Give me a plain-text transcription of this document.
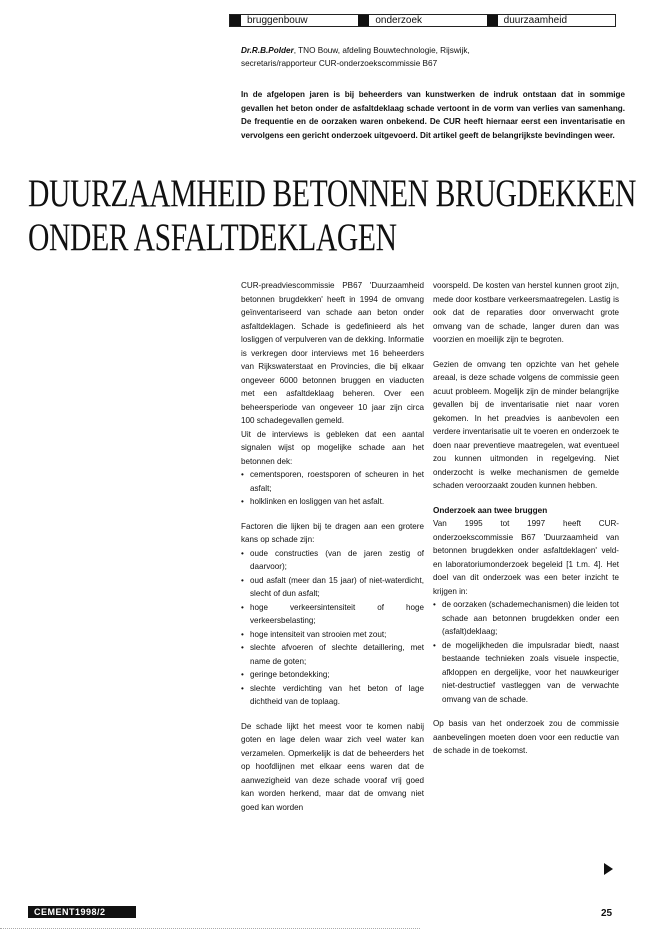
bruggenbouw	onderzoek	duurzaamheid
Dr.R.B.Polder, TNO Bouw, afdeling Bouwtechnologie, Rijswijk,
secretaris/rapporteur CUR-onderzoekscommissie B67
In de afgelopen jaren is bij beheerders van kunstwerken de indruk ontstaan dat in sommige gevallen het beton onder de asfaltdeklaag schade vertoont in de vorm van verlies van samenhang. De frequentie en de oorzaken waren onbekend. De CUR heeft hiernaar eerst een inventarisatie en vervolgens een gericht onderzoek uitgevoerd. Dit artikel geeft de belangrijkste bevindingen weer.
DUURZAAMHEID BETONNEN BRUGDEKKEN
ONDER ASFALTDEKLAGEN

CUR-preadviescommissie PB67 'Duurzaamheid betonnen brugdekken' heeft in 1994 de omvang geïnventariseerd van schade aan beton onder asfaltdeklagen. Schade is gedefinieerd als het losliggen of verpulveren van de dekking. Informatie is verkregen door interviews met 16 beheerders van Rijkswaterstaat en Provincies, die bij elkaar ongeveer 6000 betonnen bruggen en viaducten met een asfaltdeklaag beheren. Over een beheersperiode van ongeveer 10 jaar zijn circa 100 schadegevallen gemeld.

Uit de interviews is gebleken dat een aantal signalen wijst op mogelijke schade aan het betonnen dek:

• cementsporen, roestsporen of scheuren in het asfalt;
• holklinken en losliggen van het asfalt.

Factoren die lijken bij te dragen aan een grotere kans op schade zijn:

• oude constructies (van de jaren zestig of daarvoor);
• oud asfalt (meer dan 15 jaar) of niet-waterdicht, slecht of dun asfalt;
• hoge verkeersintensiteit of hoge verkeersbelasting;
• hoge intensiteit van strooien met zout;
• slechte afvoeren of slechte detaillering, met name de goten;
• geringe betondekking;
• slechte verdichting van het beton of lage dichtheid van de toplaag.

De schade lijkt het meest voor te komen nabij goten en lage delen waar zich veel water kan verzamelen. Opmerkelijk is dat de beheerders het op hoofdlijnen met elkaar eens waren dat de aanwezigheid van deze schade vooraf vrij goed kan worden herkend, maar dat de omvang niet goed kan worden

voorspeld. De kosten van herstel kunnen groot zijn, mede door kostbare verkeersmaatregelen. Lastig is ook dat de reparaties door onverwacht grote omvang van de schade, langer duren dan was voorzien en moeilijk zijn te begroten.

Gezien de omvang ten opzichte van het gehele areaal, is deze schade volgens de commissie geen acuut probleem. Mogelijk zijn de minder belangrijke gevallen bij de inventarisatie niet naar voren gekomen. In het preadvies is aanbevolen een verdere inventarisatie uit te voeren en onderzoek te doen naar preventieve maatregelen, wat eventueel zou kunnen uitmonden in regelgeving. Niet onderzocht is welke mechanismen de gemelde schaden veroorzaakt zouden kunnen hebben.

Onderzoek aan twee bruggen

Van 1995 tot 1997 heeft CUR-onderzoekscommissie B67 'Duurzaamheid van betonnen brugdekken onder asfaltdeklagen' veld- en laboratoriumonderzoek begeleid [1 t.m. 4]. Het doel van dit onderzoek was een beter inzicht te krijgen in:

• de oorzaken (schademechanismen) die leiden tot schade aan betonnen brugdekken onder een (asfalt)deklaag;
• de mogelijkheden die impulsradar biedt, naast bestaande technieken zoals visuele inspectie, afkloppen en dergelijke, voor het nauwkeuriger niet-destructief vastleggen van de verwachte omvang van de schade.

Op basis van het onderzoek zou de commissie aanbevelingen moeten doen voor een reductie van de schade in de toekomst.

CEMENT1998/2	25
